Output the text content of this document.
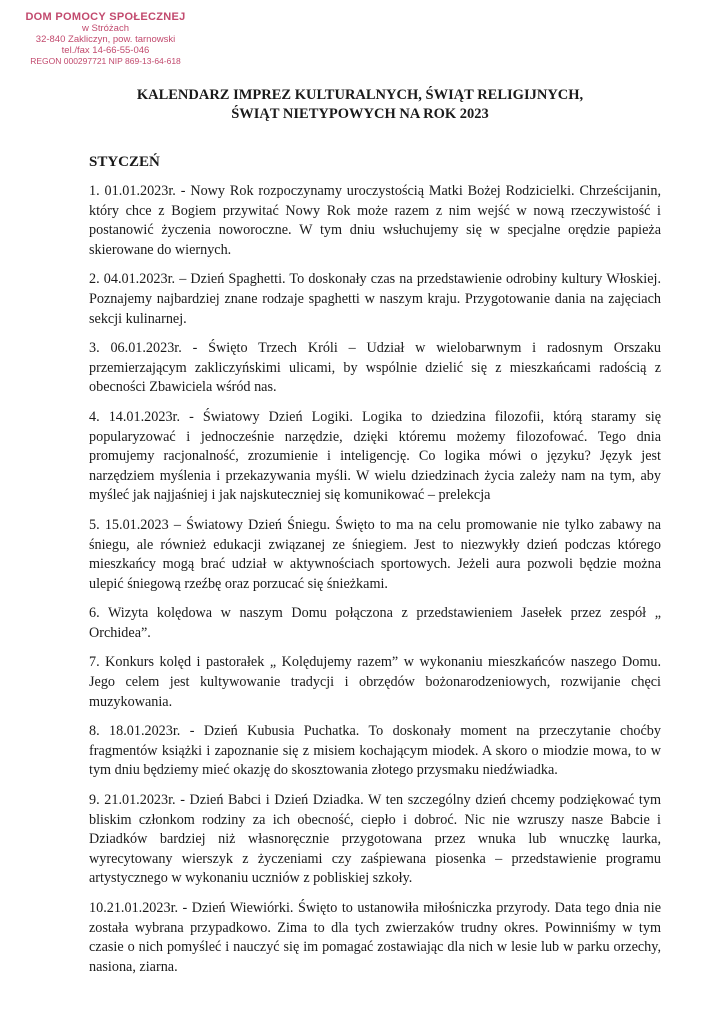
DOM POMOCY SPOŁECZNEJ
w Stróżach
32-840 Zakliczyn, pow. tarnowski
tel./fax 14-66-55-046
REGON 000297721 NIP 869-13-64-618
KALENDARZ IMPREZ KULTURALNYCH, ŚWIĄT RELIGIJNYCH,
ŚWIĄT NIETYPOWYCH NA ROK 2023
STYCZEŃ

1. 01.01.2023r. - Nowy Rok rozpoczynamy uroczystością Matki Bożej Rodzicielki. Chrześcijanin, który chce z Bogiem przywitać Nowy Rok może razem z nim wejść w nową rzeczywistość i postanowić życzenia noworoczne. W tym dniu wsłuchujemy się w specjalne orędzie papieża skierowane do wiernych.

2. 04.01.2023r. – Dzień Spaghetti. To doskonały czas na przedstawienie odrobiny kultury Włoskiej. Poznajemy najbardziej znane rodzaje spaghetti w naszym kraju. Przygotowanie dania na zajęciach sekcji kulinarnej.

3. 06.01.2023r. - Święto Trzech Króli – Udział w wielobarwnym i radosnym Orszaku przemierzającym zakliczyńskimi ulicami, by wspólnie dzielić się z mieszkańcami radością z obecności Zbawiciela wśród nas.

4. 14.01.2023r. - Światowy Dzień Logiki. Logika to dziedzina filozofii, którą staramy się popularyzować i jednocześnie narzędzie, dzięki któremu możemy filozofować. Tego dnia promujemy racjonalność, zrozumienie i inteligencję. Co logika mówi o języku? Język jest narzędziem myślenia i przekazywania myśli. W wielu dziedzinach życia zależy nam na tym, aby myśleć jak najjaśniej i jak najskuteczniej się komunikować – prelekcja

5. 15.01.2023 – Światowy Dzień Śniegu. Święto to ma na celu promowanie nie tylko zabawy na śniegu, ale również edukacji związanej ze śniegiem. Jest to niezwykły dzień podczas którego mieszkańcy mogą brać udział w aktywnościach sportowych. Jeżeli aura pozwoli będzie można ulepić śniegową rzeźbę oraz porzucać się śnieżkami.

6. Wizyta kolędowa w naszym Domu połączona z przedstawieniem Jasełek przez zespół „ Orchidea”.

7. Konkurs kolęd i pastorałek „ Kolędujemy razem” w wykonaniu mieszkańców naszego Domu. Jego celem jest kultywowanie tradycji i obrzędów bożonarodzeniowych, rozwijanie chęci muzykowania.

8. 18.01.2023r. - Dzień Kubusia Puchatka. To doskonały moment na przeczytanie choćby fragmentów książki i zapoznanie się z misiem kochającym miodek. A skoro o miodzie mowa, to w tym dniu będziemy mieć okazję do skosztowania złotego przysmaku niedźwiadka.

9. 21.01.2023r. - Dzień Babci i Dzień Dziadka. W ten szczególny dzień chcemy podziękować tym bliskim członkom rodziny za ich obecność, ciepło i dobroć. Nic nie wzruszy nasze Babcie i Dziadków bardziej niż własnoręcznie przygotowana przez wnuka lub wnuczkę laurka, wyrecytowany wierszyk z życzeniami czy zaśpiewana piosenka – przedstawienie programu artystycznego w wykonaniu uczniów z pobliskiej szkoły.

10.21.01.2023r. - Dzień Wiewiórki. Święto to ustanowiła miłośniczka przyrody. Data tego dnia nie została wybrana przypadkowo. Zima to dla tych zwierzaków trudny okres. Powinniśmy w tym czasie o nich pomyśleć i nauczyć się im pomagać zostawiając dla nich w lesie lub w parku orzechy, nasiona, ziarna.
